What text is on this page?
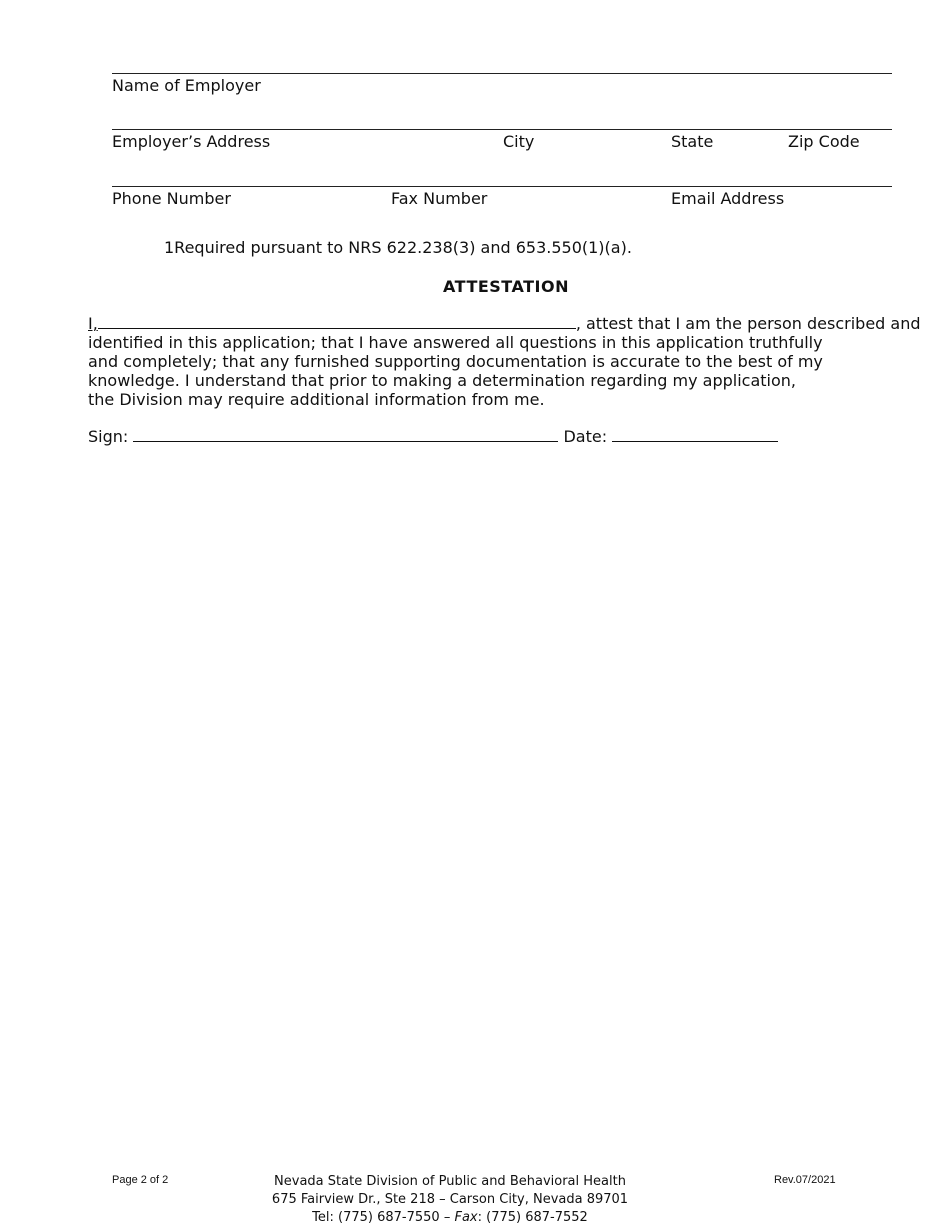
Name of Employer
Employer’s Address	City	State	Zip Code
Phone Number	Fax Number	Email Address
1Required pursuant to NRS 622.238(3) and 653.550(1)(a).
ATTESTATION
I,	, attest that I am the person described and
identified in this application; that I have answered all questions in this application truthfully
and completely; that any furnished supporting documentation is accurate to the best of my
knowledge. I understand that prior to making a determination regarding my application,
the Division may require additional information from me.
Sign:	Date:
Page 2 of 2	Rev.07/2021
Nevada State Division of Public and Behavioral Health
675 Fairview Dr., Ste 218 – Carson City, Nevada 89701
Tel: (775) 687-7550 – Fax: (775) 687-7552
